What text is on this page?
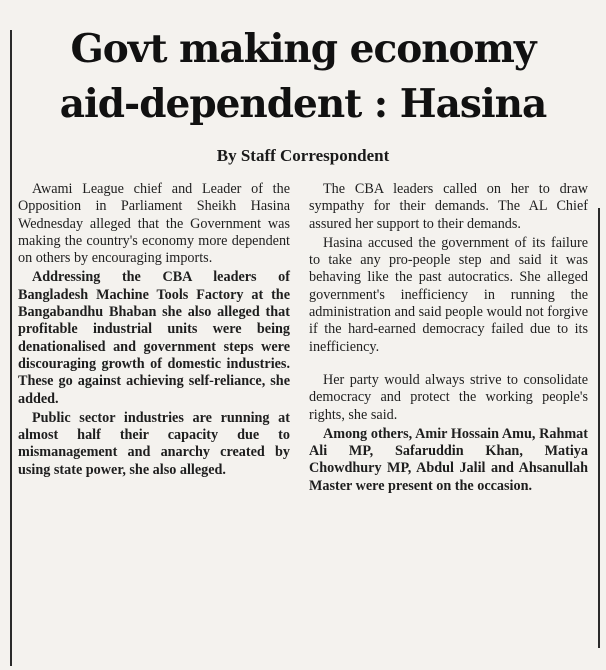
Govt making economy
aid-dependent : Hasina
By Staff Correspondent

Awami League chief and Leader of the Opposition in Parliament Sheikh Hasina Wednesday alleged that the Government was making the country's economy more dependent on others by encouraging imports.

Addressing the CBA leaders of Bangladesh Machine Tools Factory at the Bangabandhu Bhaban she also alleged that profitable industrial units were being denationalised and government steps were discouraging growth of domestic industries. These go against achieving self-reliance, she added.

Public sector industries are running at almost half their capacity due to mismanagement and anarchy created by using state power, she also alleged.

The CBA leaders called on her to draw sympathy for their demands. The AL Chief assured her support to their demands.

Hasina accused the government of its failure to take any pro-people step and said it was behaving like the past autocratics. She alleged government's inefficiency in running the administration and said people would not forgive if the hard-earned democracy failed due to its inefficiency.

Her party would always strive to consolidate democracy and protect the working people's rights, she said.

Among others, Amir Hossain Amu, Rahmat Ali MP, Safaruddin Khan, Matiya Chowdhury MP, Abdul Jalil and Ahsanullah Master were present on the occasion.
